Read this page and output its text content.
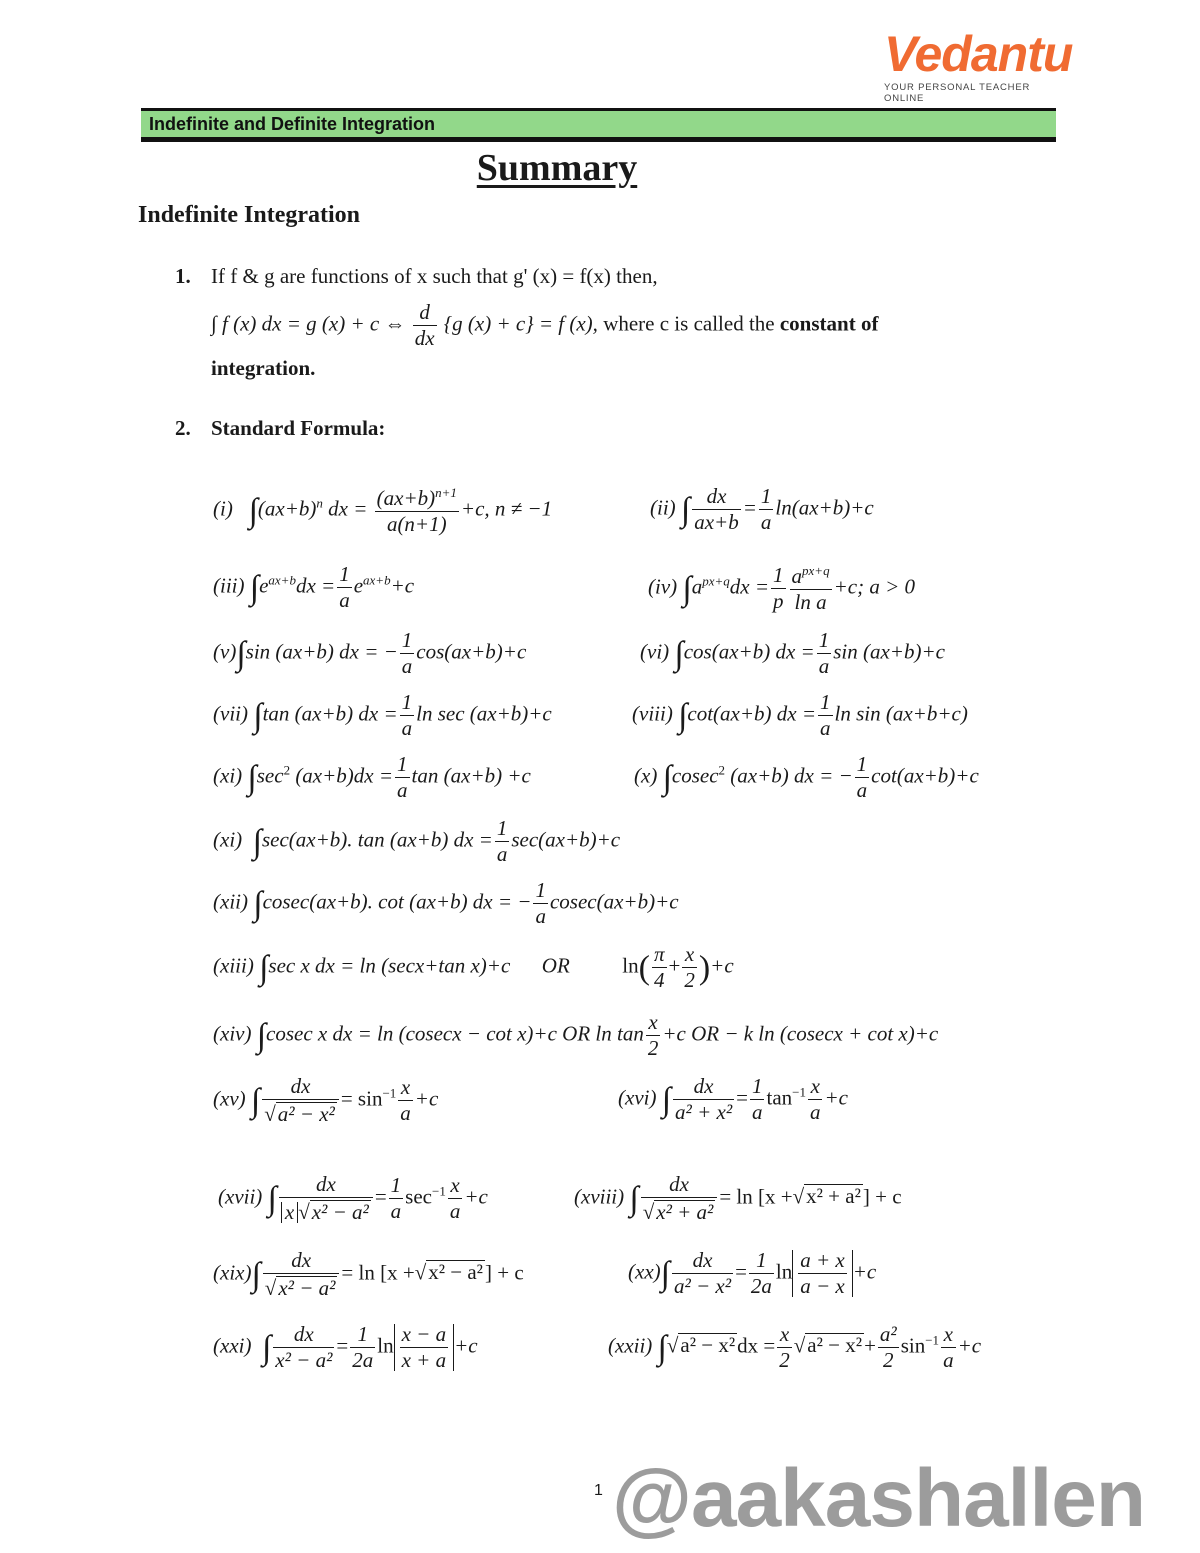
Vedantu
YOUR PERSONAL TEACHER ONLINE
Indefinite and Definite Integration
Summary
Indefinite Integration
1. If f & g are functions of x such that g' (x) = f(x) then,
∫ f (x) dx = g (x) + c ⇔ $\frac{d}{dx} \{g$ (x) + c} = f (x), where c is called the constant of
integration.
2. Standard Formula:
(i) $\int(ax+b)^n$ dx = $\frac{(ax+b)^{n+1}}{a(n+1)} +c$, n ≠ −1	(ii) ∫ $\frac{dx}{ax+b} = \frac{1}{a} \ln(ax+b)+c$
(iii) $\int e^{ax+b}dx = \frac{1}{a} e^{ax+b}+c$	(iv) $\int a^{px+q}dx = \frac{1}{p} \frac{a^{px+q}}{\text{ln a}} +c$; a > 0
(v)∫sin (ax+b) dx = − $\frac{1}{a} \cos(ax+b)+c$	(vi) ∫cos(ax+b) dx = $\frac{1}{a}$ sin (ax+b)+c
(vii) ∫tan (ax+b) dx = $\frac{1}{a}$ ln sec (ax+b)+c	(viii) ∫cot(ax+b) dx = $\frac{1}{a}$ ln sin (ax+b+c)
(xi) $\int\sec^2$ $(ax+b)dx = \frac{1}{a}$ tan (ax+b) +c	(x) ∫cosec$^2$ (ax+b) dx = − $\frac{1}{a} \cot(ax+b)+c$
(xi) ∫sec(ax+b). tan (ax+b) dx = $\frac{1}{a} \sec(ax+b)+c$
(xii) ∫cosec(ax+b). cot (ax+b) dx = − $\frac{1}{a} cosec(ax+b)+c$
(xiii) ∫sec x dx = ln (secx+tan x)+c OR	$\ln( \frac{\pi}{4} + \frac{x}{2} )+c$
(xiv) ∫cosec x dx = ln (cosecx − cot x)+c OR $\ln \tan \frac{x}{2} +c$ OR − k ln (cosecx + cot x)+c
(xv) ∫ $\frac{dx}{\text{√a² − x²}} = \sin^{-1} \frac{x}{a} +c$	(xvi) ∫ $\frac{dx}{\text{a² + x²}} = \frac{1}{a} \tan^{-1} \frac{x}{a} +c$
(xvii) ∫ $\frac{dx}{\text{x √x² − a²}} = \frac{1}{a} \sec^{-1} \frac{x}{a} +c$	(xviii) ∫ $\frac{dx}{\text{√x² + a²}} = \ln [x +√x^2 + a^2] + c$
$(xix)\int \frac{dx}{\text{√x² − a²}} = \ln [x +√x^2 - a^2] + c$	$(xx)\int \frac{dx}{\text{a² − x²}} = \frac{1}{2a}$ $\ln \frac{a + x}{a - x} +c$
(xxi) ∫ $\frac{dx}{\text{x² − a²}} = \frac{1}{2a}$ $\ln \frac{x - a}{x + a} +c$	(xxii) $\int√a^2 - x^2dx = \frac{x}{2} √a^2 - x^2+ \frac{\text{a²}}{2} \sin^{-1} \frac{x}{a} +c$
1 @aakashallen
